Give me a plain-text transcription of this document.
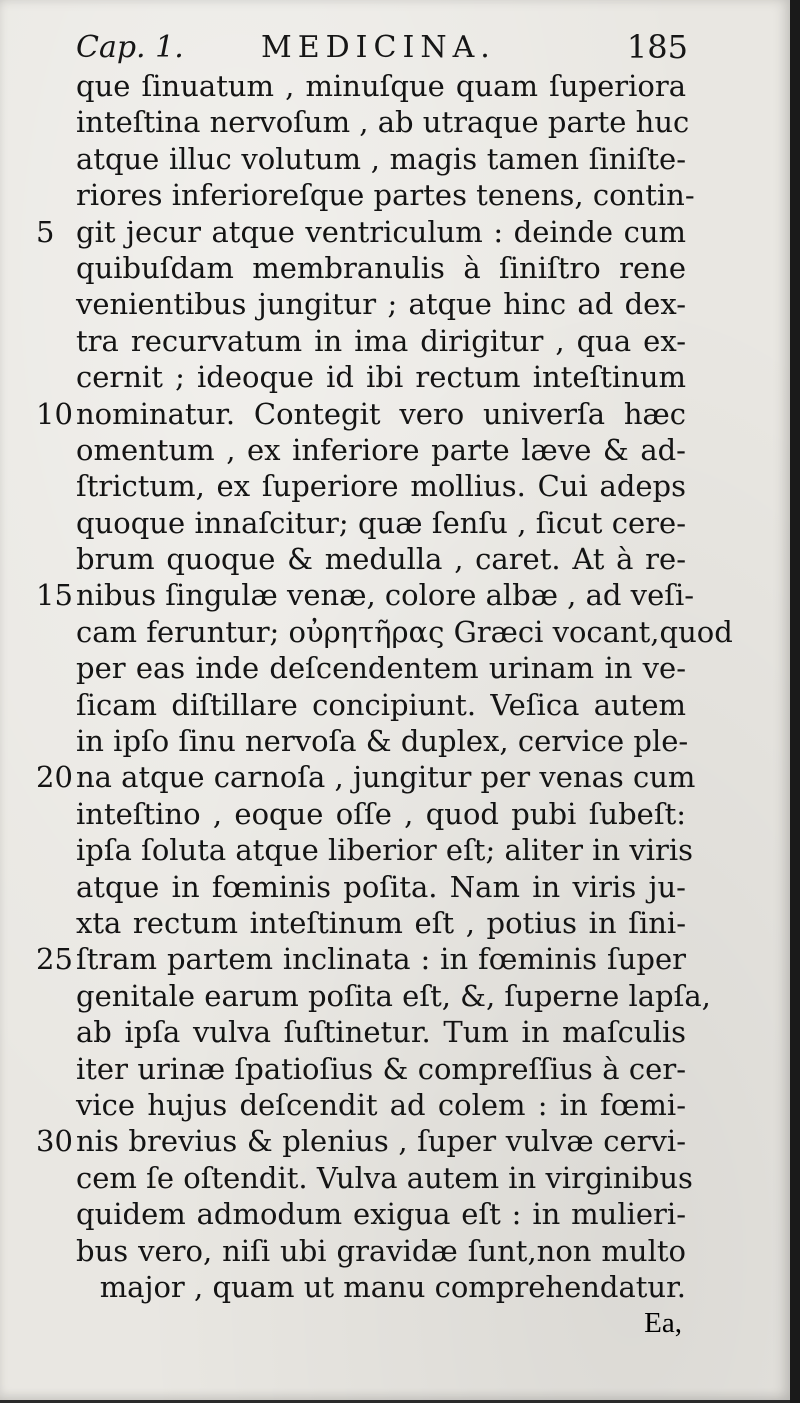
Cap. 1.	MEDICINA.	185
que ſinuatum , minuſque quam ſuperiora
inteſtina nervoſum , ab utraque parte huc
atque illuc volutum , magis tamen ſiniſte-
riores inferioreſque partes tenens, contin-
5 git jecur atque ventriculum : deinde cum
quibuſdam membranulis à ſiniſtro rene
venientibus jungitur ; atque hinc ad dex-
tra recurvatum in ima dirigitur , qua ex-
cernit ; ideoque id ibi rectum inteſtinum
10 nominatur. Contegit vero univerſa hæc
omentum , ex inferiore parte læve & ad-
ſtrictum, ex ſuperiore mollius. Cui adeps
quoque innaſcitur; quæ ſenſu , ſicut cere-
brum quoque & medulla , caret. At à re-
15 nibus ſingulæ venæ, colore albæ , ad veſi-
cam feruntur; οὐρητῆρας Græci vocant,quod
per eas inde deſcendentem urinam in ve-
ſicam diſtillare concipiunt. Veſica autem
in ipſo ſinu nervoſa & duplex, cervice ple-
20 na atque carnoſa , jungitur per venas cum
inteſtino , eoque oſſe , quod pubi ſubeſt:
ipſa ſoluta atque liberior eſt; aliter in viris
atque in fœminis poſita. Nam in viris ju-
xta rectum inteſtinum eſt , potius in ſini-
25 ſtram partem inclinata : in fœminis ſuper
genitale earum poſita eſt, &, ſuperne lapſa,
ab ipſa vulva ſuſtinetur. Tum in maſculis
iter urinæ ſpatioſius & compreſſius à cer-
vice hujus deſcendit ad colem : in fœmi-
30 nis brevius & plenius , ſuper vulvæ cervi-
cem ſe oſtendit. Vulva autem in virginibus
quidem admodum exigua eſt : in mulieri-
bus vero, niſi ubi gravidæ ſunt,non multo
major , quam ut manu comprehendatur.
Ea,
